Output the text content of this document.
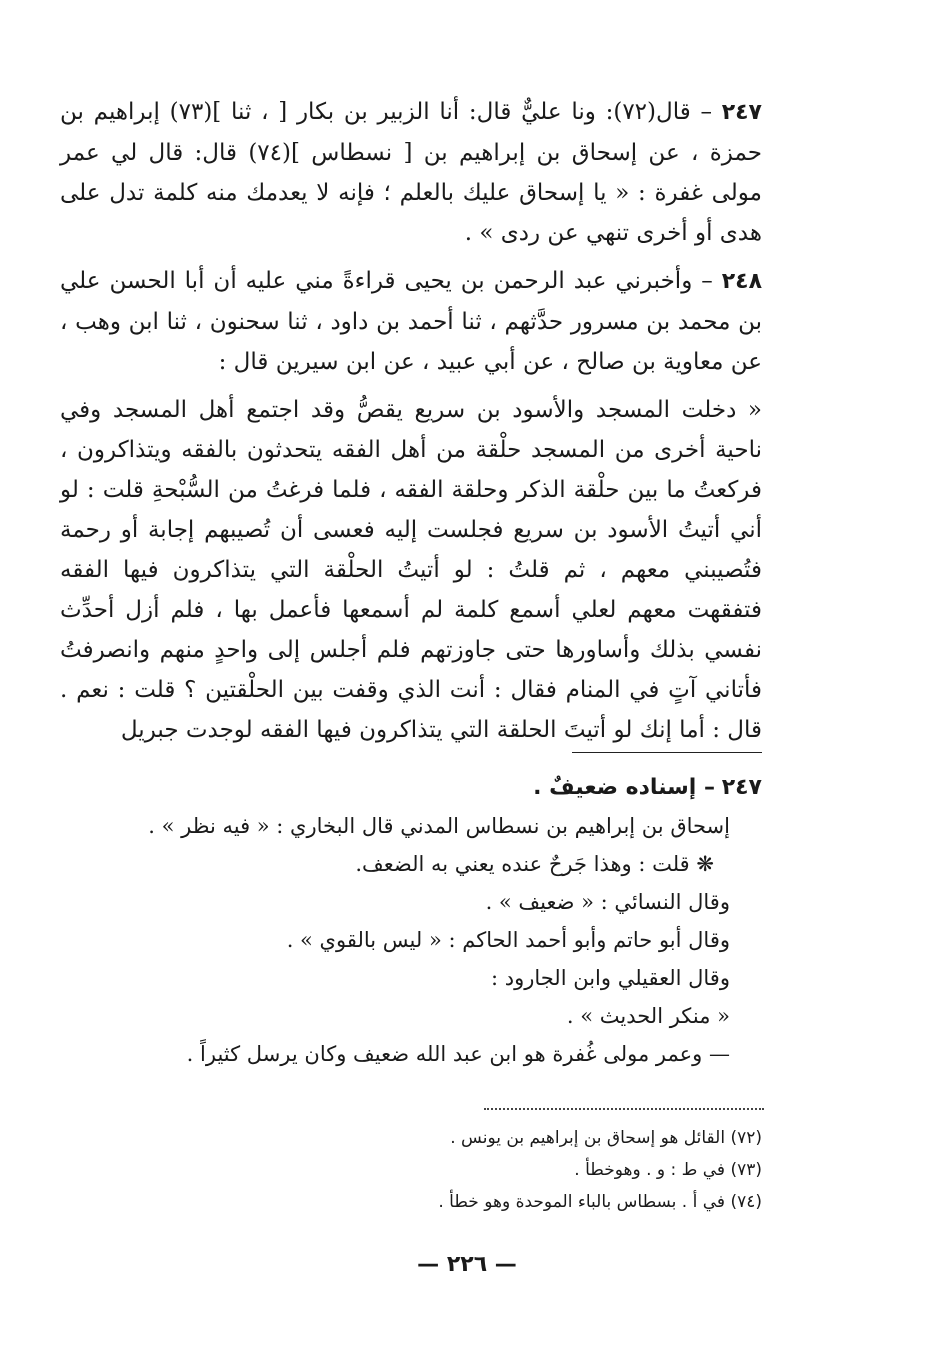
٢٤٧ – قال(٧٢): ونا عليٌّ قال: أنا الزبير بن بكار [ ، ثنا ](٧٣) إبراهيم بن حمزة ، عن إسحاق بن إبراهيم بن [ نسطاس ](٧٤) قال: قال لي عمر مولى غفرة : « يا إسحاق عليك بالعلم ؛ فإنه لا يعدمك منه كلمة تدل على هدى أو أخرى تنهي عن ردى » .

٢٤٨ – وأخبرني عبد الرحمن بن يحيى قراءةً مني عليه أن أبا الحسن علي بن محمد بن مسرور حدَّثهم ، ثنا أحمد بن داود ، ثنا سحنون ، ثنا ابن وهب ، عن معاوية بن صالح ، عن أبي عبيد ، عن ابن سيرين قال :

« دخلت المسجد والأسود بن سريع يقصُّ وقد اجتمع أهل المسجد وفي ناحية أخرى من المسجد حلْقة من أهل الفقه يتحدثون بالفقه ويتذاكرون ، فركعتُ ما بين حلْقة الذكر وحلقة الفقه ، فلما فرغتُ من السُّبْحةِ قلت : لو أني أتيتُ الأسود بن سريع فجلست إليه فعسى أن تُصيبهم إجابة أو رحمة فتُصيبني معهم ، ثم قلتُ : لو أتيتُ الحلْقة التي يتذاكرون فيها الفقه فتفقهت معهم لعلي أسمع كلمة لم أسمعها فأعمل بها ، فلم أزل أحدِّث نفسي بذلك وأساورها حتى جاوزتهم فلم أجلس إلى واحدٍ منهم وانصرفتُ فأتاني آتٍ في المنام فقال : أنت الذي وقفت بين الحلْقتين ؟ قلت : نعم . قال : أما إنك لو أتيتَ الحلقة التي يتذاكرون فيها الفقه لوجدت جبريل

٢٤٧ – إسناده ضعيفٌ .

إسحاق بن إبراهيم بن نسطاس المدني قال البخاري : « فيه نظر » .

❋ قلت : وهذا جَرحٌ عنده يعني به الضعف.

وقال النسائي : « ضعيف » .

وقال أبو حاتم وأبو أحمد الحاكم : « ليس بالقوي » .

وقال العقيلي وابن الجارود :

« منكر الحديث » .

— وعمر مولى غُفرة هو ابن عبد الله ضعيف وكان يرسل كثيراً .

(٧٢) القائل هو إسحاق بن إبراهيم بن يونس .

(٧٣) في ط : و . وهوخطأ .

(٧٤) في أ . بسطاس بالباء الموحدة وهو خطأ .

— ٢٢٦ —
